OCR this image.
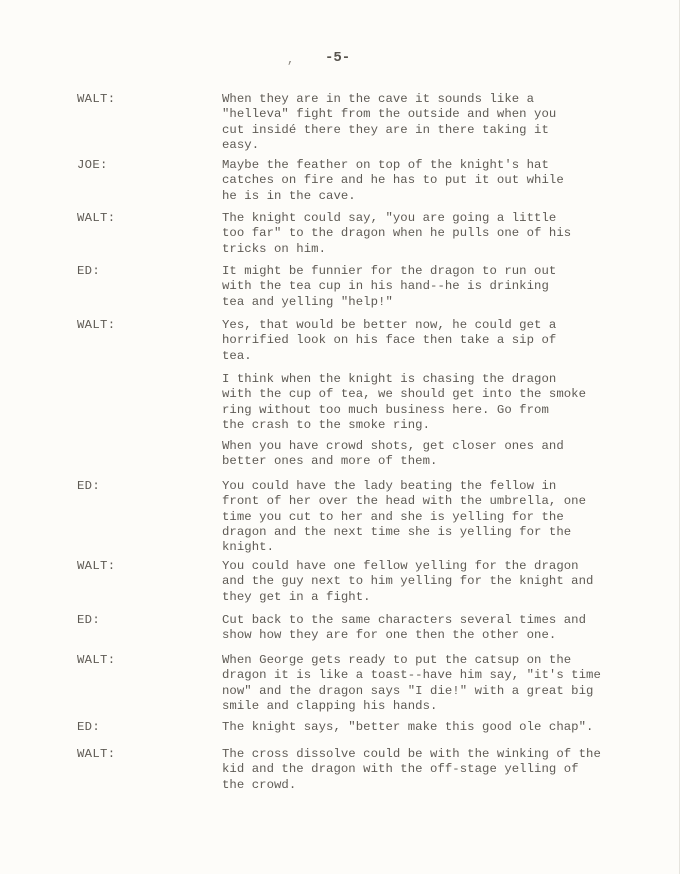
, -5-
WALT:	When they are in the cave it sounds like a
"helleva" fight from the outside and when you
cut insidé there they are in there taking it
easy.
JOE:	Maybe the feather on top of the knight's hat
catches on fire and he has to put it out while
he is in the cave.
WALT:	The knight could say, "you are going a little
too far" to the dragon when he pulls one of his
tricks on him.
ED:	It might be funnier for the dragon to run out
with the tea cup in his hand--he is drinking
tea and yelling "help!"
WALT:	Yes, that would be better now, he could get a
horrified look on his face then take a sip of
tea.
I think when the knight is chasing the dragon
with the cup of tea, we should get into the smoke
ring without too much business here. Go from
the crash to the smoke ring.
When you have crowd shots, get closer ones and
better ones and more of them.
ED:	You could have the lady beating the fellow in
front of her over the head with the umbrella, one
time you cut to her and she is yelling for the
dragon and the next time she is yelling for the
knight.
WALT:	You could have one fellow yelling for the dragon
and the guy next to him yelling for the knight and
they get in a fight.
ED:	Cut back to the same characters several times and
show how they are for one then the other one.
WALT:	When George gets ready to put the catsup on the
dragon it is like a toast--have him say, "it's time
now" and the dragon says "I die!" with a great big
smile and clapping his hands.
ED:	The knight says, "better make this good ole chap".
WALT:	The cross dissolve could be with the winking of the
kid and the dragon with the off-stage yelling of
the crowd.
